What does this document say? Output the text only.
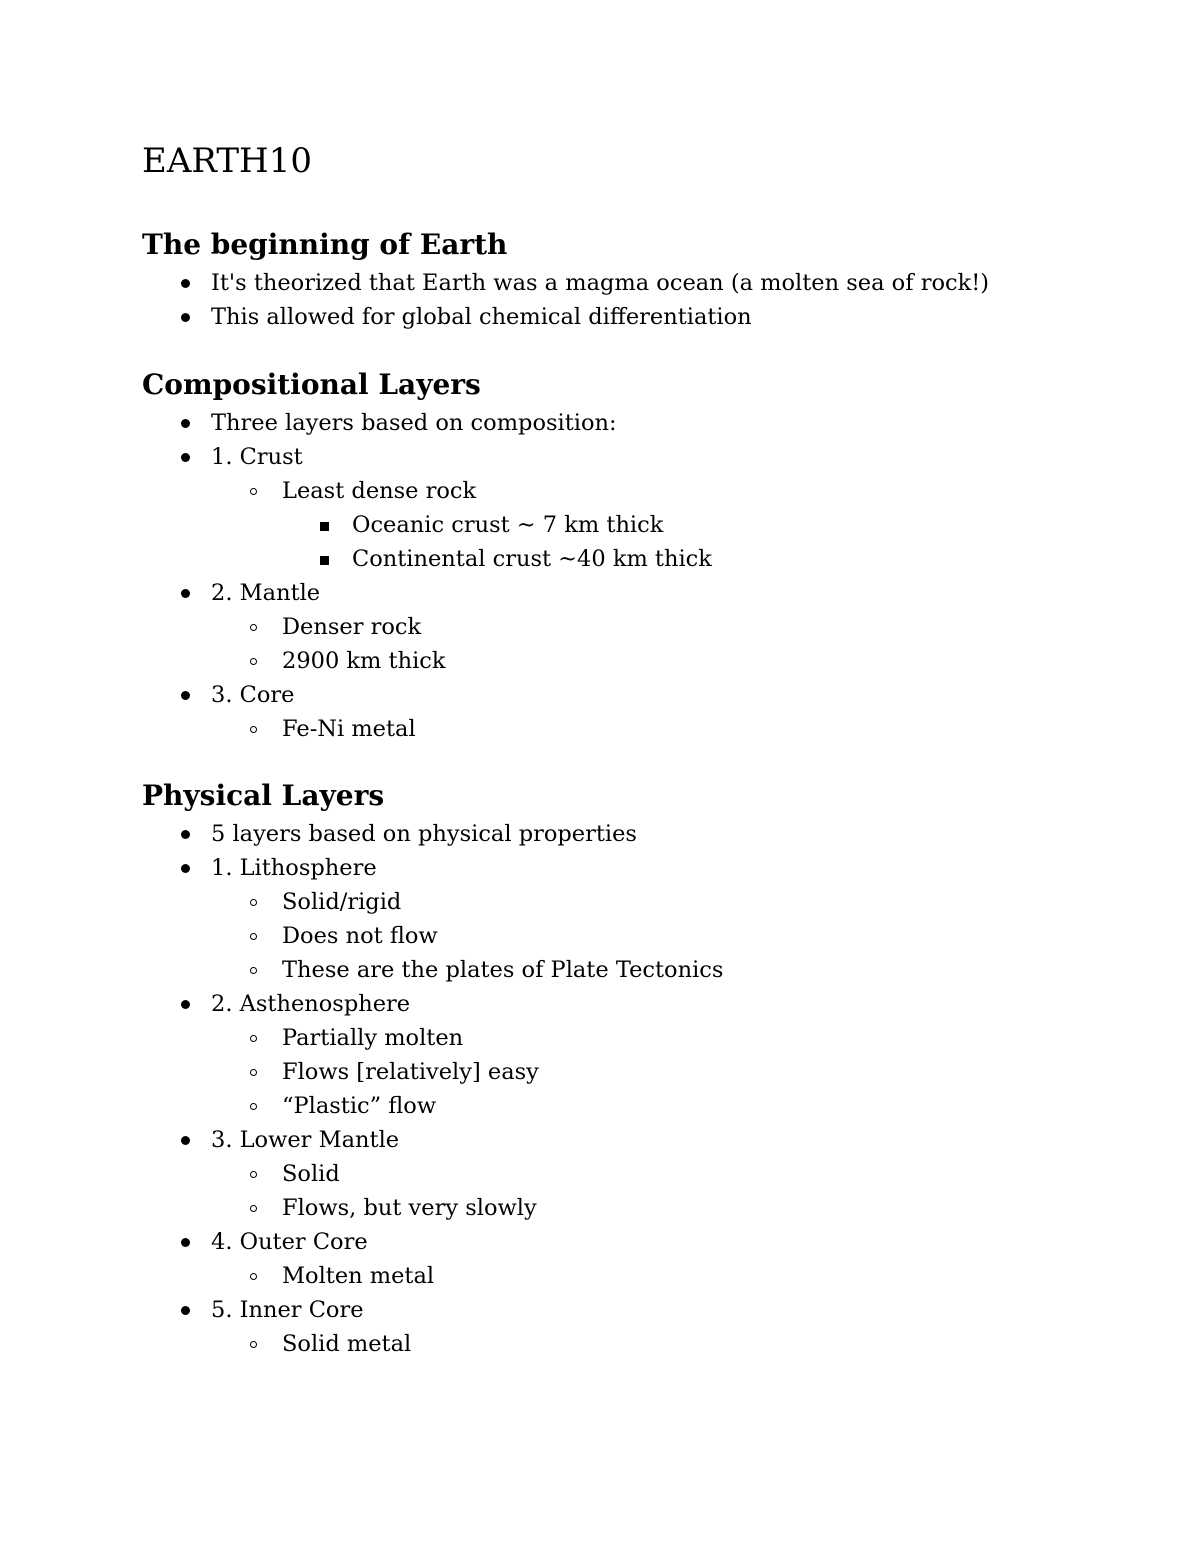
EARTH10
The beginning of Earth
It's theorized that Earth was a magma ocean (a molten sea of rock!)
This allowed for global chemical differentiation
Compositional Layers
Three layers based on composition:
1. Crust
Least dense rock
Oceanic crust ~ 7 km thick
Continental crust ~40 km thick
2. Mantle
Denser rock
2900 km thick
3. Core
Fe-Ni metal
Physical Layers
5 layers based on physical properties
1. Lithosphere
Solid/rigid
Does not flow
These are the plates of Plate Tectonics
2. Asthenosphere
Partially molten
Flows [relatively] easy
“Plastic” flow
3. Lower Mantle
Solid
Flows, but very slowly
4. Outer Core
Molten metal
5. Inner Core
Solid metal
